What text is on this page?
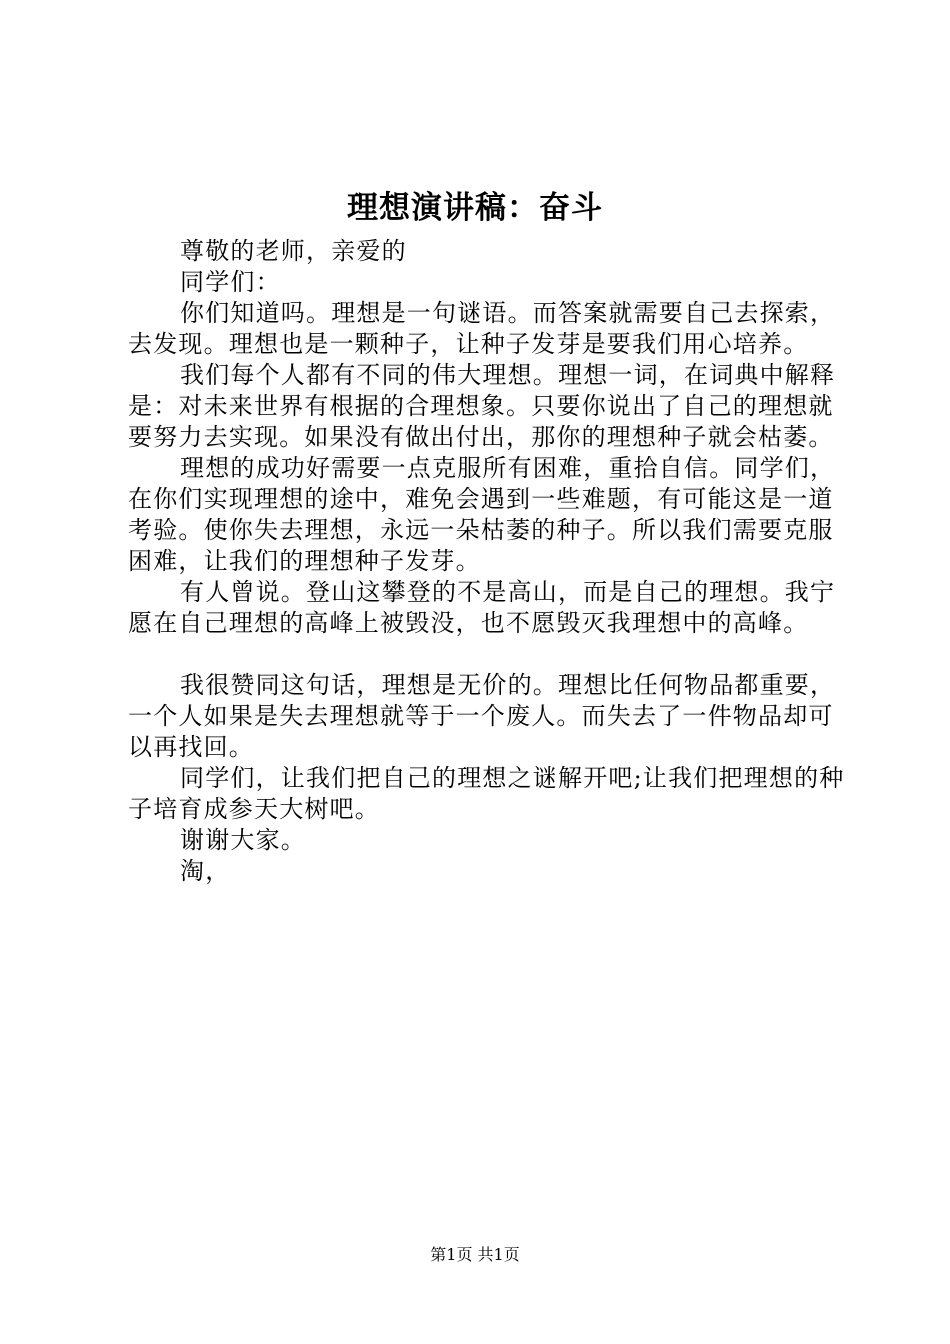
理想演讲稿：奋斗

尊敬的老师，亲爱的

同学们：

你们知道吗。理想是一句谜语。而答案就需要自己去探索，去发现。理想也是一颗种子，让种子发芽是要我们用心培养。

我们每个人都有不同的伟大理想。理想一词，在词典中解释是：对未来世界有根据的合理想象。只要你说出了自己的理想就要努力去实现。如果没有做出付出，那你的理想种子就会枯萎。

理想的成功好需要一点克服所有困难，重拾自信。同学们，在你们实现理想的途中，难免会遇到一些难题，有可能这是一道考验。使你失去理想，永远一朵枯萎的种子。所以我们需要克服困难，让我们的理想种子发芽。

有人曾说。登山这攀登的不是高山，而是自己的理想。我宁愿在自己理想的高峰上被毁没，也不愿毁灭我理想中的高峰。

我很赞同这句话，理想是无价的。理想比任何物品都重要，一个人如果是失去理想就等于一个废人。而失去了一件物品却可以再找回。

同学们，让我们把自己的理想之谜解开吧;让我们把理想的种子培育成参天大树吧。

谢谢大家。

淘，

第1页 共1页
